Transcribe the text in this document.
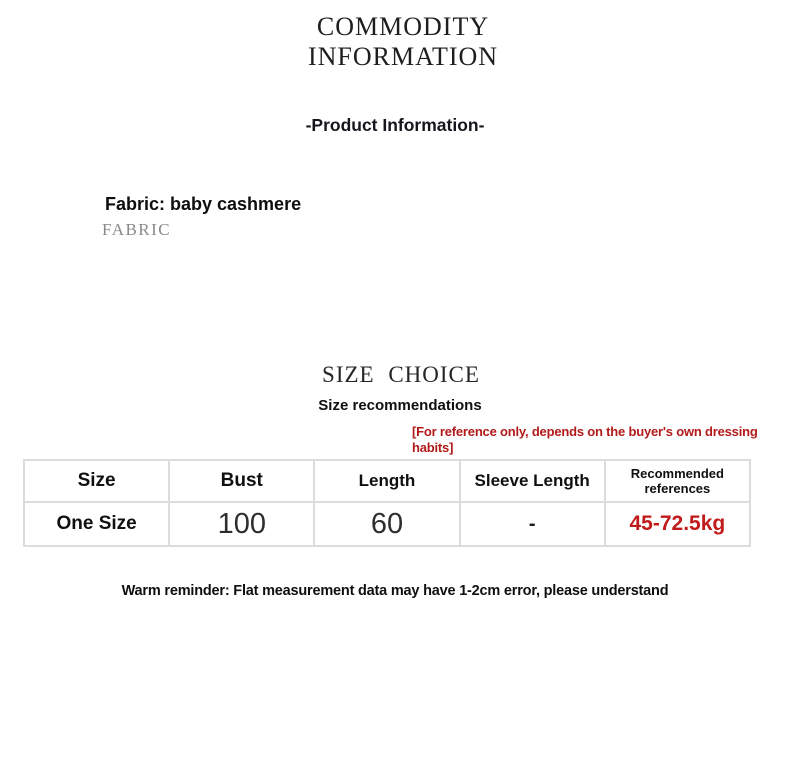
COMMODITY
INFORMATION
-Product Information-
Fabric: baby cashmere
FABRIC
SIZE CHOICE
Size recommendations
[For reference only, depends on the buyer's own dressing habits]
Size	Bust	Length	Sleeve Length	Recommended references
One Size	100	60	-	45-72.5kg
Warm reminder: Flat measurement data may have 1-2cm error, please understand
